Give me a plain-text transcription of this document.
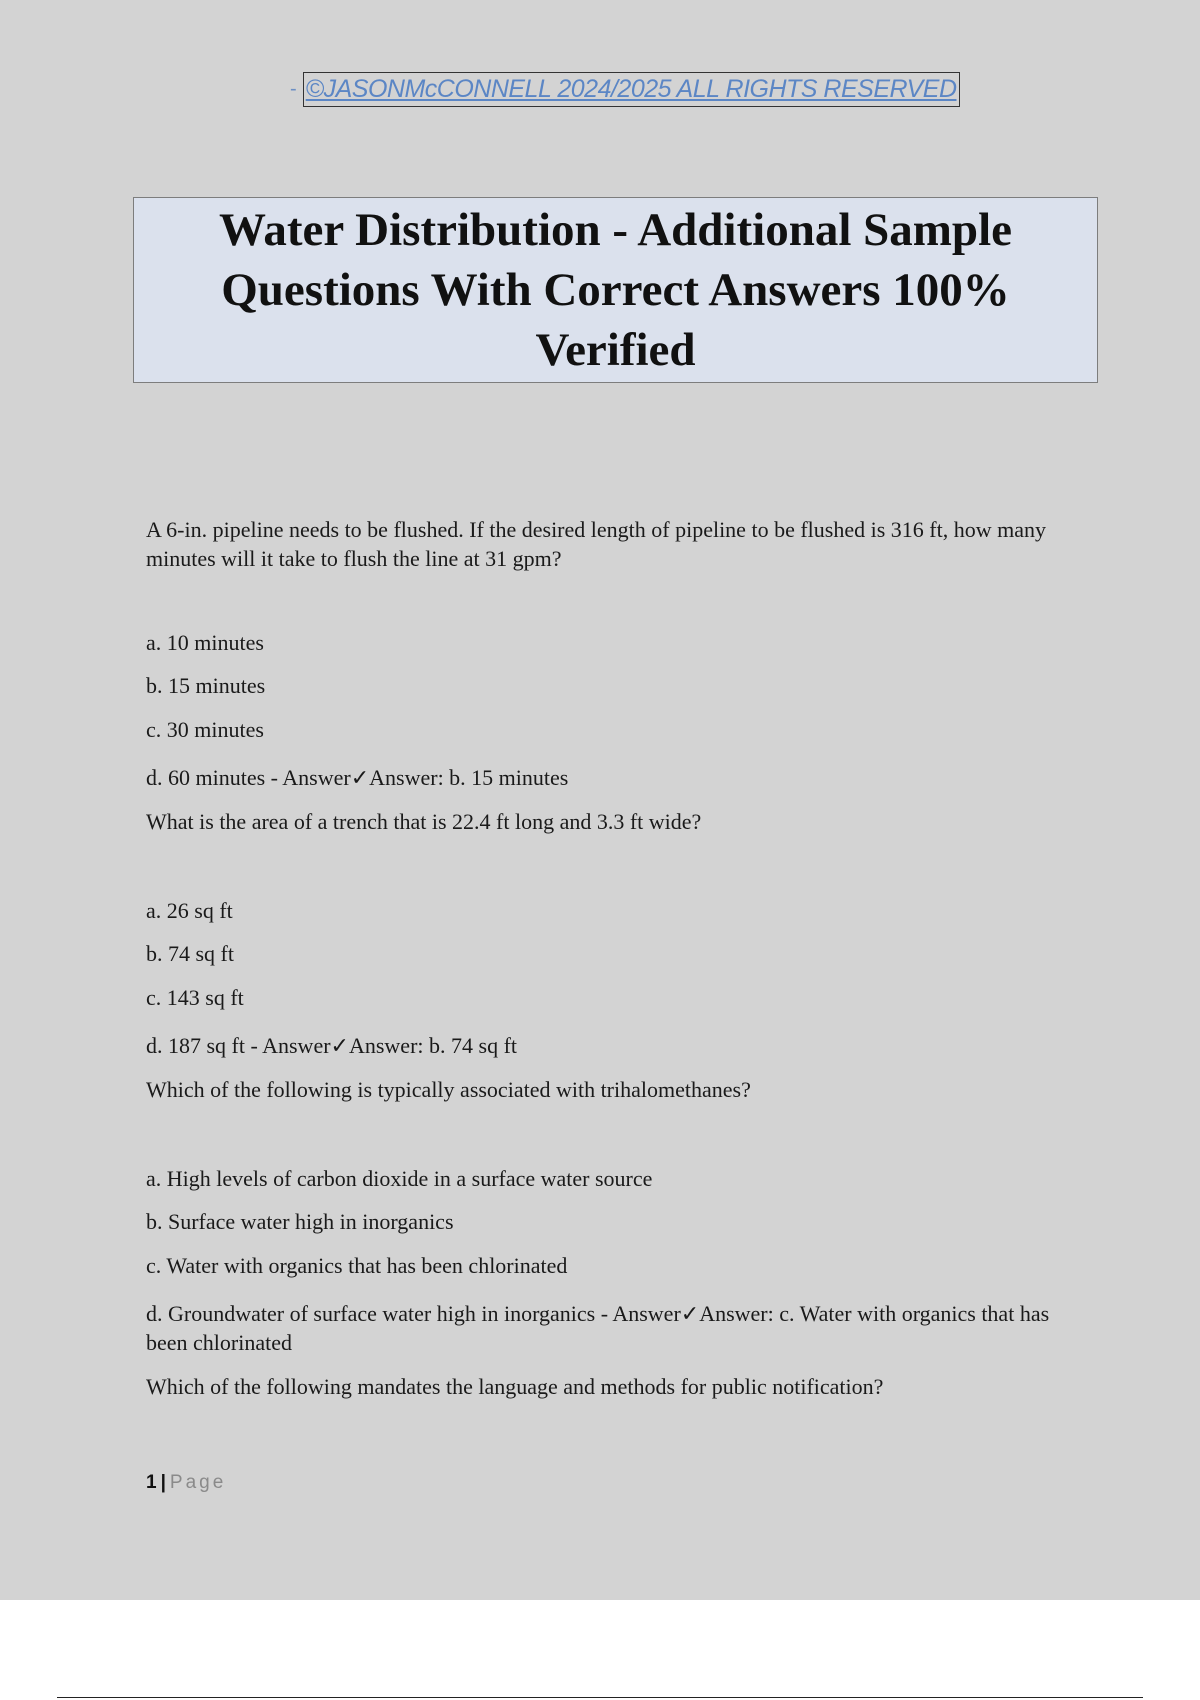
- ©JASONMcCONNELL 2024/2025 ALL RIGHTS RESERVED
Water Distribution - Additional Sample Questions With Correct Answers 100% Verified

A 6-in. pipeline needs to be flushed. If the desired length of pipeline to be flushed is 316 ft, how many minutes will it take to flush the line at 31 gpm?

a. 10 minutes

b. 15 minutes

c. 30 minutes

d. 60 minutes - Answer✓Answer: b. 15 minutes

What is the area of a trench that is 22.4 ft long and 3.3 ft wide?

a. 26 sq ft

b. 74 sq ft

c. 143 sq ft

d. 187 sq ft - Answer✓Answer: b. 74 sq ft

Which of the following is typically associated with trihalomethanes?

a. High levels of carbon dioxide in a surface water source

b. Surface water high in inorganics

c. Water with organics that has been chlorinated

d. Groundwater of surface water high in inorganics - Answer✓Answer: c. Water with organics that has been chlorinated

Which of the following mandates the language and methods for public notification?

1 | Page
